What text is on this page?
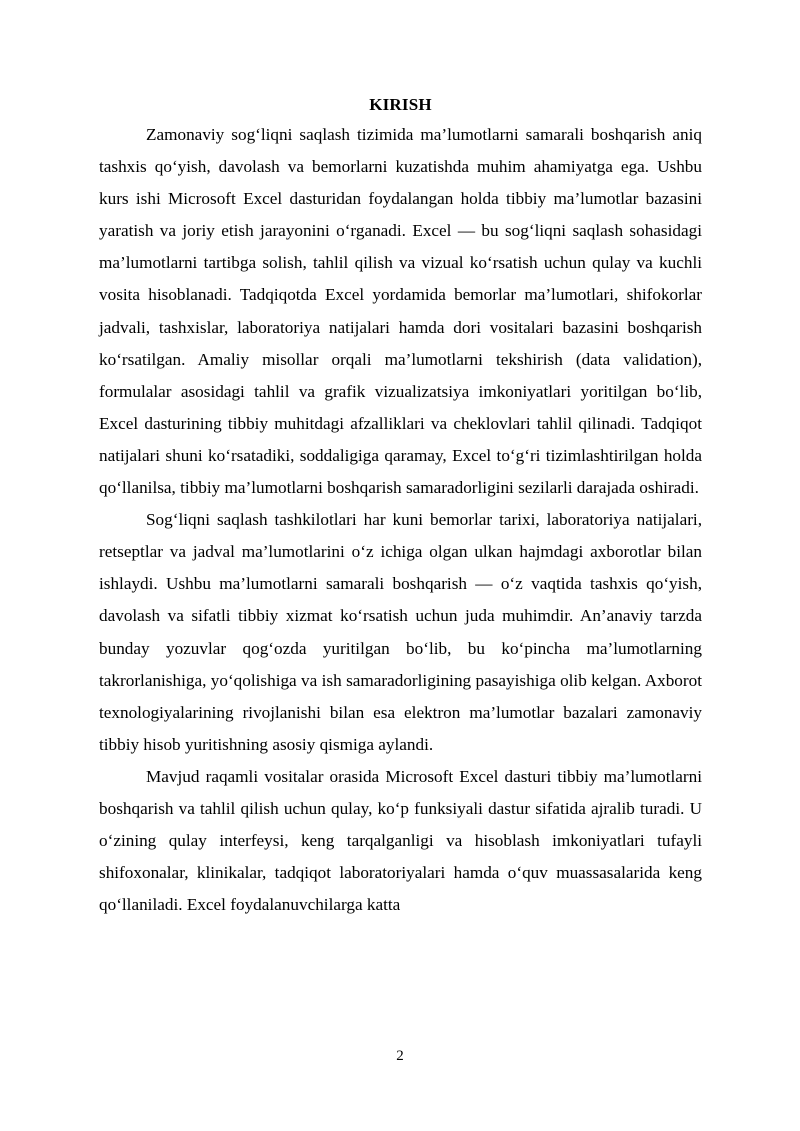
KIRISH

Zamonaviy sog‘liqni saqlash tizimida ma’lumotlarni samarali boshqarish aniq tashxis qo‘yish, davolash va bemorlarni kuzatishda muhim ahamiyatga ega. Ushbu kurs ishi Microsoft Excel dasturidan foydalangan holda tibbiy ma’lumotlar bazasini yaratish va joriy etish jarayonini o‘rganadi. Excel — bu sog‘liqni saqlash sohasidagi ma’lumotlarni tartibga solish, tahlil qilish va vizual ko‘rsatish uchun qulay va kuchli vosita hisoblanadi. Tadqiqotda Excel yordamida bemorlar ma’lumotlari, shifokorlar jadvali, tashxislar, laboratoriya natijalari hamda dori vositalari bazasini boshqarish ko‘rsatilgan. Amaliy misollar orqali ma’lumotlarni tekshirish (data validation), formulalar asosidagi tahlil va grafik vizualizatsiya imkoniyatlari yoritilgan bo‘lib, Excel dasturining tibbiy muhitdagi afzalliklari va cheklovlari tahlil qilinadi. Tadqiqot natijalari shuni ko‘rsatadiki, soddaligiga qaramay, Excel to‘g‘ri tizimlashtirilgan holda qo‘llanilsa, tibbiy ma’lumotlarni boshqarish samaradorligini sezilarli darajada oshiradi.

Sog‘liqni saqlash tashkilotlari har kuni bemorlar tarixi, laboratoriya natijalari, retseptlar va jadval ma’lumotlarini o‘z ichiga olgan ulkan hajmdagi axborotlar bilan ishlaydi. Ushbu ma’lumotlarni samarali boshqarish — o‘z vaqtida tashxis qo‘yish, davolash va sifatli tibbiy xizmat ko‘rsatish uchun juda muhimdir. An’anaviy tarzda bunday yozuvlar qog‘ozda yuritilgan bo‘lib, bu ko‘pincha ma’lumotlarning takrorlanishiga, yo‘qolishiga va ish samaradorligining pasayishiga olib kelgan. Axborot texnologiyalarining rivojlanishi bilan esa elektron ma’lumotlar bazalari zamonaviy tibbiy hisob yuritishning asosiy qismiga aylandi.

Mavjud raqamli vositalar orasida Microsoft Excel dasturi tibbiy ma’lumotlarni boshqarish va tahlil qilish uchun qulay, ko‘p funksiyali dastur sifatida ajralib turadi. U o‘zining qulay interfeysi, keng tarqalganligi va hisoblash imkoniyatlari tufayli shifoxonalar, klinikalar, tadqiqot laboratoriyalari hamda o‘quv muassasalarida keng qo‘llaniladi. Excel foydalanuvchilarga katta

2
